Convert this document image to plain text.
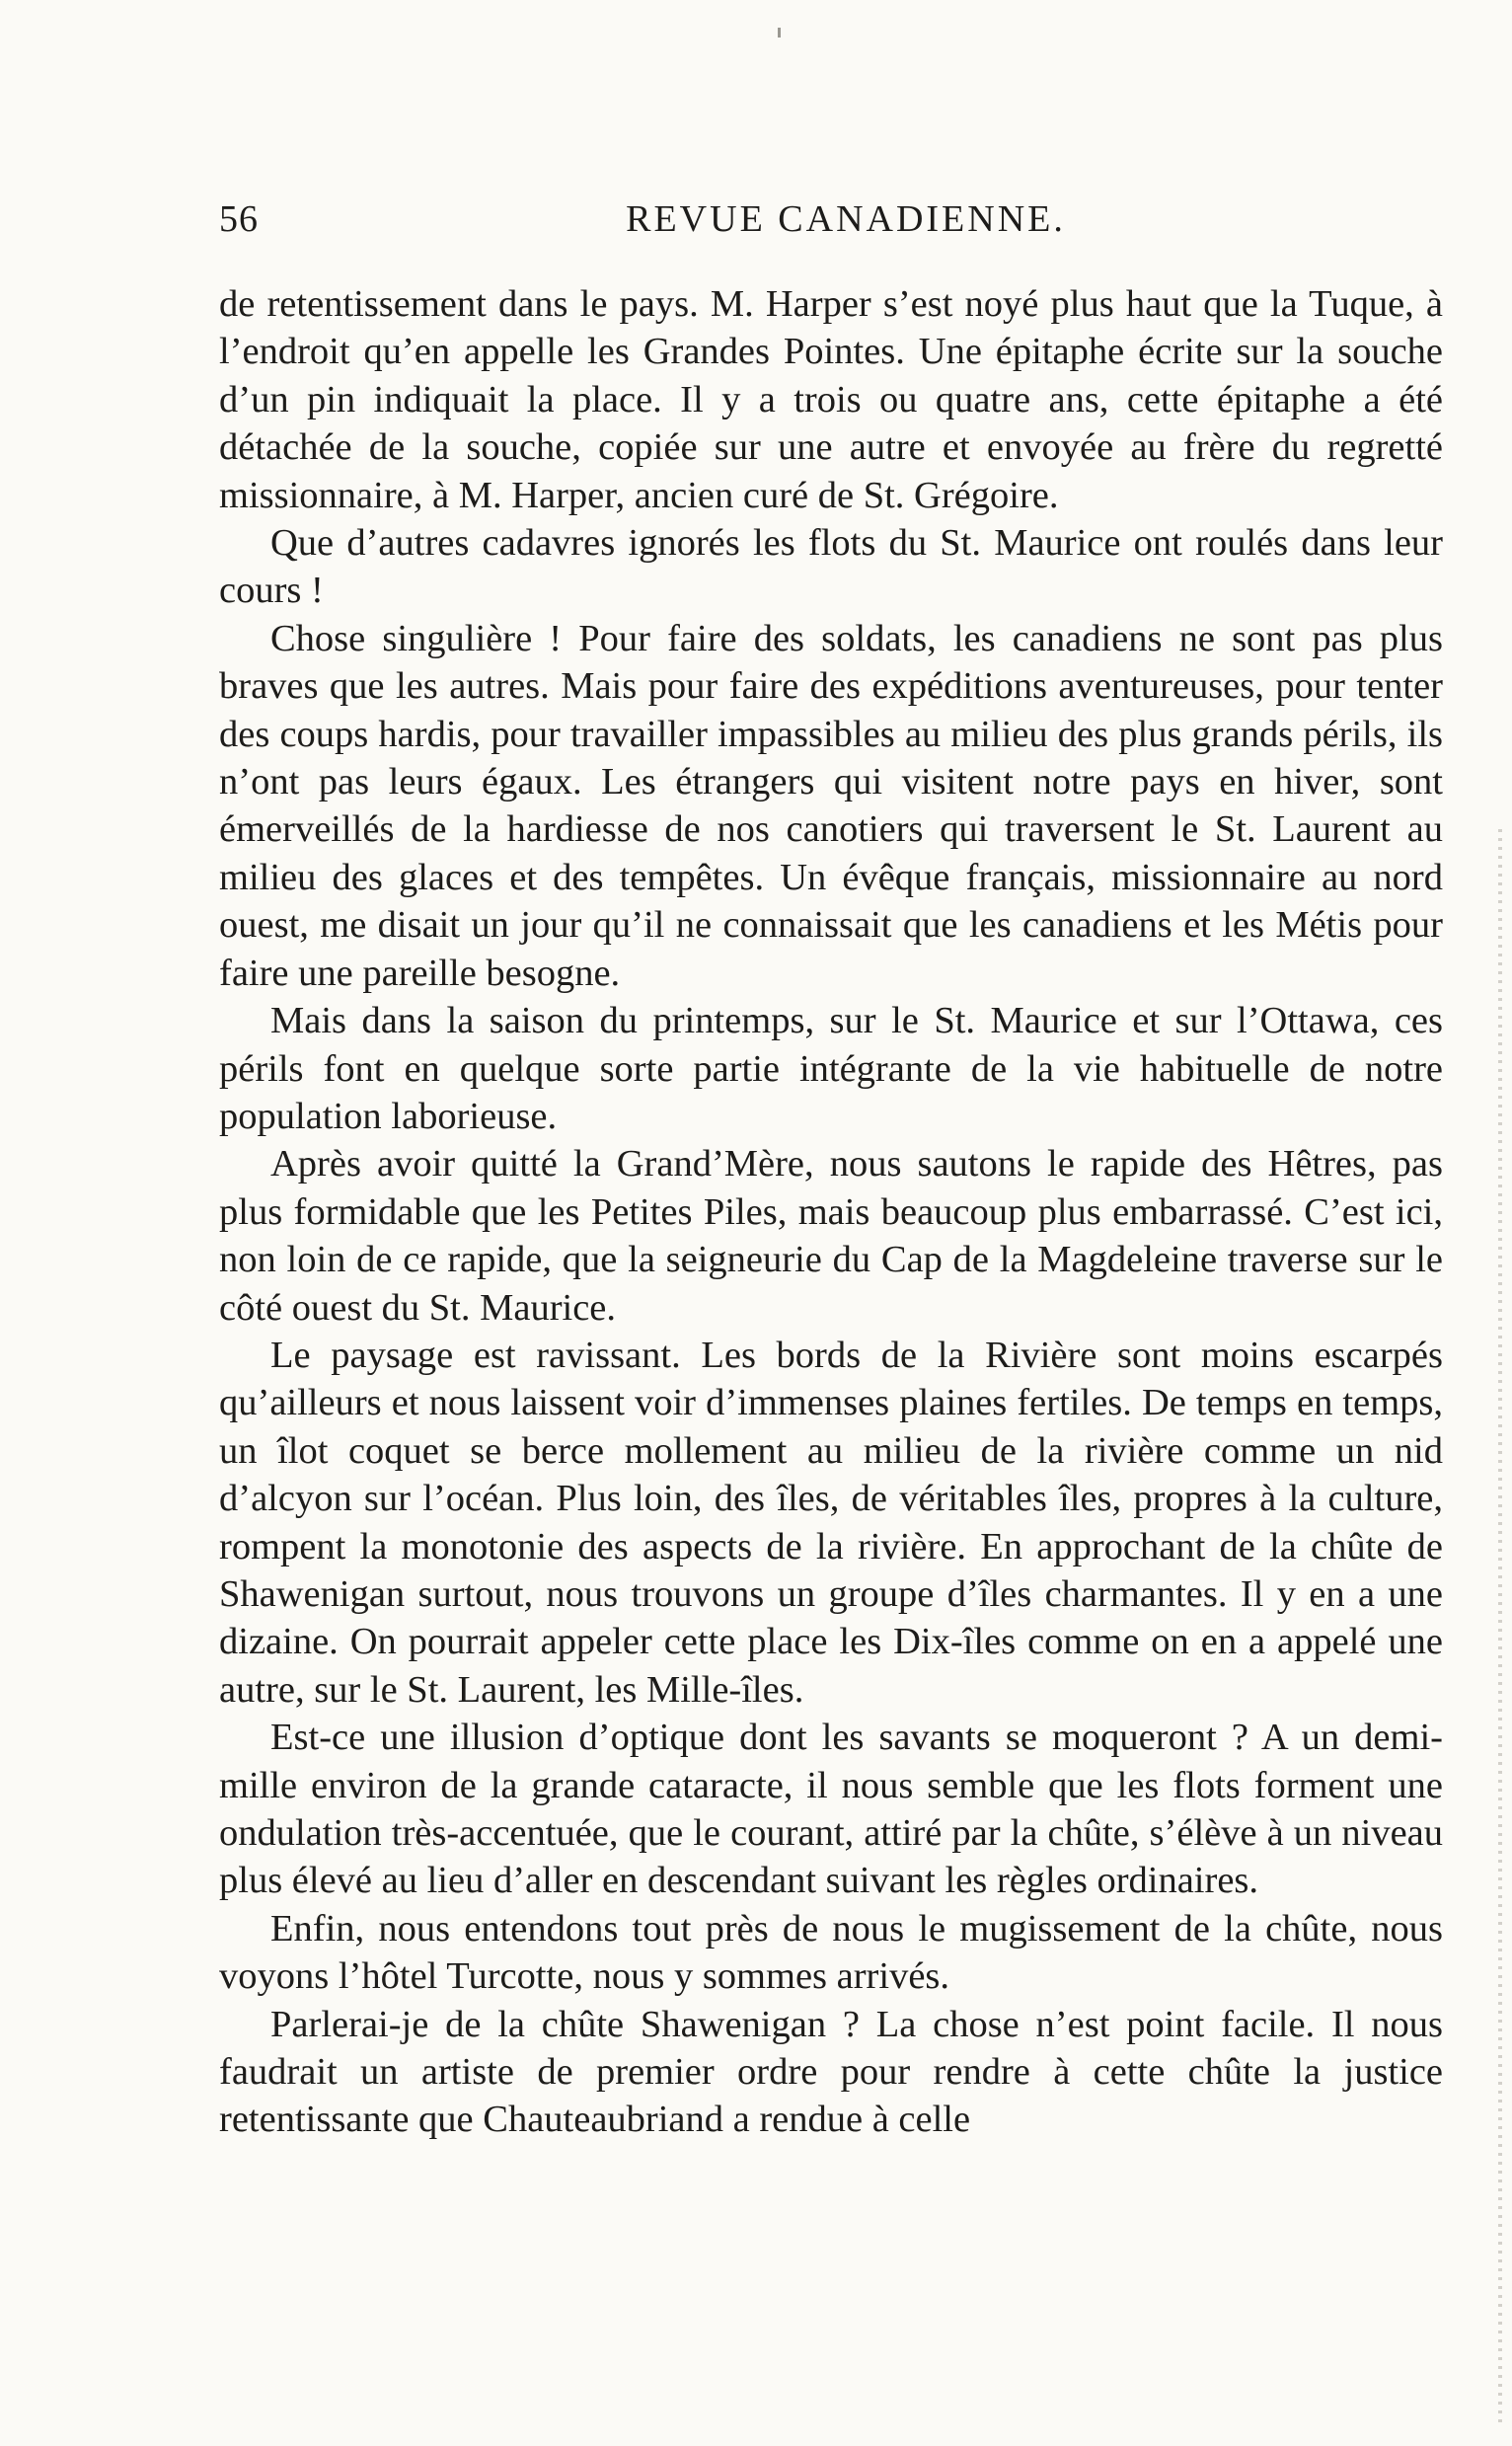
56	REVUE CANADIENNE.

de retentissement dans le pays. M. Harper s’est noyé plus haut que la Tuque, à l’endroit qu’en appelle les Grandes Pointes. Une épitaphe écrite sur la souche d’un pin indiquait la place. Il y a trois ou quatre ans, cette épitaphe a été détachée de la souche, copiée sur une autre et envoyée au frère du regretté missionnaire, à M. Harper, ancien curé de St. Grégoire.

Que d’autres cadavres ignorés les flots du St. Maurice ont roulés dans leur cours !

Chose singulière ! Pour faire des soldats, les canadiens ne sont pas plus braves que les autres. Mais pour faire des expéditions aventureuses, pour tenter des coups hardis, pour travailler impassibles au milieu des plus grands périls, ils n’ont pas leurs égaux. Les étrangers qui visitent notre pays en hiver, sont émerveillés de la hardiesse de nos canotiers qui traversent le St. Laurent au milieu des glaces et des tempêtes. Un évêque français, missionnaire au nord ouest, me disait un jour qu’il ne connaissait que les canadiens et les Métis pour faire une pareille besogne.

Mais dans la saison du printemps, sur le St. Maurice et sur l’Ottawa, ces périls font en quelque sorte partie intégrante de la vie habituelle de notre population laborieuse.

Après avoir quitté la Grand’Mère, nous sautons le rapide des Hêtres, pas plus formidable que les Petites Piles, mais beaucoup plus embarrassé. C’est ici, non loin de ce rapide, que la seigneurie du Cap de la Magdeleine traverse sur le côté ouest du St. Maurice.

Le paysage est ravissant. Les bords de la Rivière sont moins escarpés qu’ailleurs et nous laissent voir d’immenses plaines fertiles. De temps en temps, un îlot coquet se berce mollement au milieu de la rivière comme un nid d’alcyon sur l’océan. Plus loin, des îles, de véritables îles, propres à la culture, rompent la monotonie des aspects de la rivière. En approchant de la chûte de Shawenigan surtout, nous trouvons un groupe d’îles charmantes. Il y en a une dizaine. On pourrait appeler cette place les Dix-îles comme on en a appelé une autre, sur le St. Laurent, les Mille-îles.

Est-ce une illusion d’optique dont les savants se moqueront ? A un demi-mille environ de la grande cataracte, il nous semble que les flots forment une ondulation très-accentuée, que le courant, attiré par la chûte, s’élève à un niveau plus élevé au lieu d’aller en descendant suivant les règles ordinaires.

Enfin, nous entendons tout près de nous le mugissement de la chûte, nous voyons l’hôtel Turcotte, nous y sommes arrivés.

Parlerai-je de la chûte Shawenigan ? La chose n’est point facile. Il nous faudrait un artiste de premier ordre pour rendre à cette chûte la justice retentissante que Chauteaubriand a rendue à celle
